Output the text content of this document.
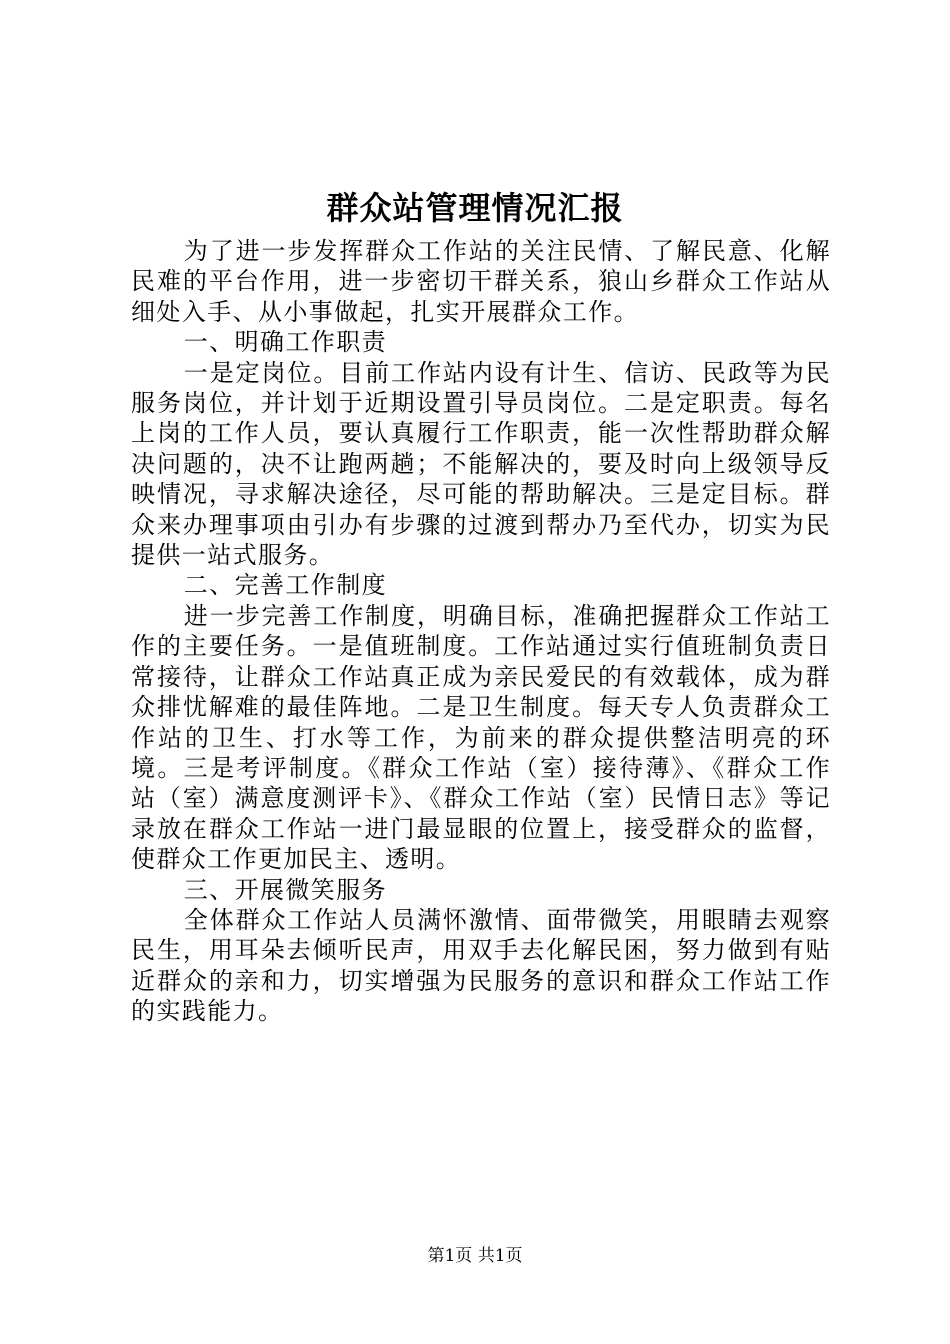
群众站管理情况汇报

为了进一步发挥群众工作站的关注民情、了解民意、化解民难的平台作用，进一步密切干群关系，狼山乡群众工作站从细处入手、从小事做起，扎实开展群众工作。

一、明确工作职责

一是定岗位。目前工作站内设有计生、信访、民政等为民服务岗位，并计划于近期设置引导员岗位。二是定职责。每名上岗的工作人员，要认真履行工作职责，能一次性帮助群众解决问题的，决不让跑两趟；不能解决的，要及时向上级领导反映情况，寻求解决途径，尽可能的帮助解决。三是定目标。群众来办理事项由引办有步骤的过渡到帮办乃至代办，切实为民提供一站式服务。

二、完善工作制度

进一步完善工作制度，明确目标，准确把握群众工作站工作的主要任务。一是值班制度。工作站通过实行值班制负责日常接待，让群众工作站真正成为亲民爱民的有效载体，成为群众排忧解难的最佳阵地。二是卫生制度。每天专人负责群众工作站的卫生、打水等工作，为前来的群众提供整洁明亮的环境。三是考评制度。《群众工作站（室）接待薄》、《群众工作站（室）满意度测评卡》、《群众工作站（室）民情日志》等记录放在群众工作站一进门最显眼的位置上，接受群众的监督，使群众工作更加民主、透明。

三、开展微笑服务

全体群众工作站人员满怀激情、面带微笑，用眼睛去观察民生，用耳朵去倾听民声，用双手去化解民困，努力做到有贴近群众的亲和力，切实增强为民服务的意识和群众工作站工作的实践能力。

第1页 共1页
